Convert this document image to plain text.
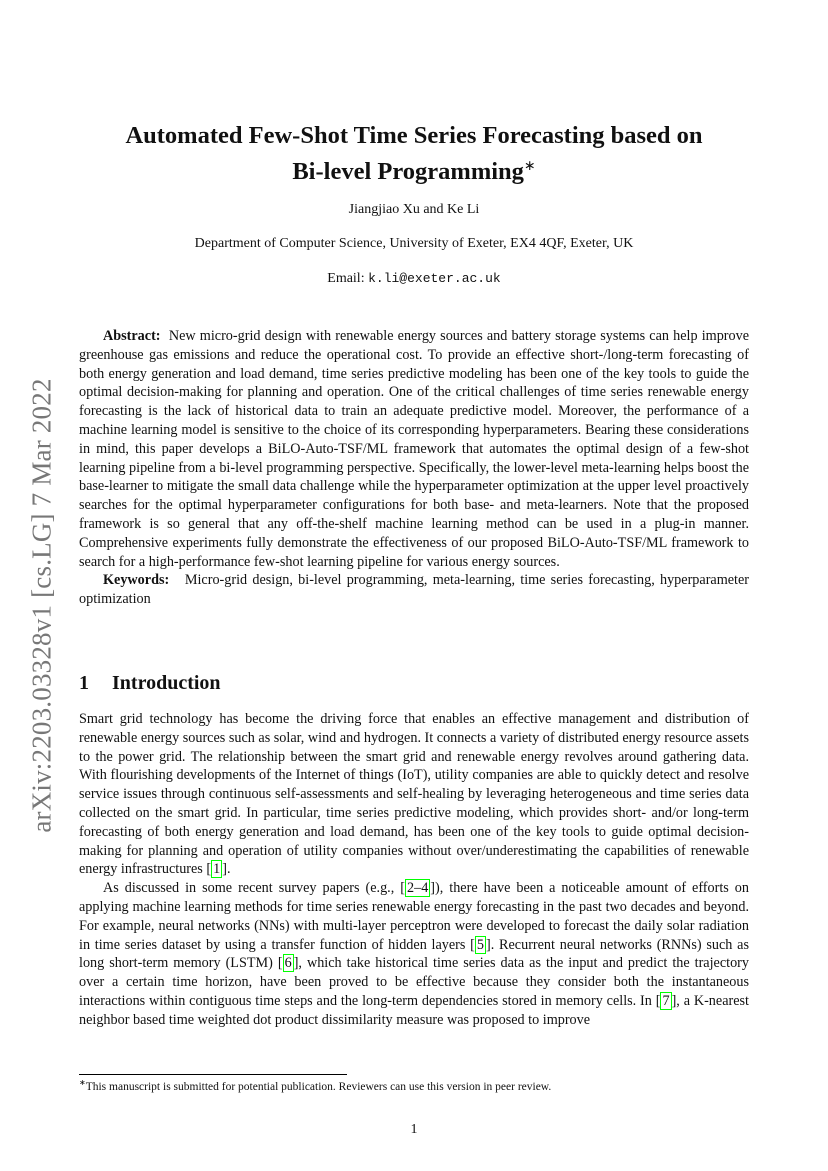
arXiv:2203.03328v1 [cs.LG] 7 Mar 2022
Automated Few-Shot Time Series Forecasting based on
Bi-level Programming∗
Jiangjiao Xu and Ke Li
Department of Computer Science, University of Exeter, EX4 4QF, Exeter, UK
Email: k.li@exeter.ac.uk

Abstract: New micro-grid design with renewable energy sources and battery storage systems can help improve greenhouse gas emissions and reduce the operational cost. To provide an effective short-/long-term forecasting of both energy generation and load demand, time series predictive modeling has been one of the key tools to guide the optimal decision-making for planning and operation. One of the critical challenges of time series renewable energy forecasting is the lack of historical data to train an adequate predictive model. Moreover, the performance of a machine learning model is sensitive to the choice of its corresponding hyperparameters. Bearing these considerations in mind, this paper develops a BiLO-Auto-TSF/ML framework that automates the optimal design of a few-shot learning pipeline from a bi-level programming perspective. Specifically, the lower-level meta-learning helps boost the base-learner to mitigate the small data challenge while the hyperparameter optimization at the upper level proactively searches for the optimal hyperparameter configurations for both base- and meta-learners. Note that the proposed framework is so general that any off-the-shelf machine learning method can be used in a plug-in manner. Comprehensive experiments fully demonstrate the effectiveness of our proposed BiLO-Auto-TSF/ML framework to search for a high-performance few-shot learning pipeline for various energy sources.

Keywords: Micro-grid design, bi-level programming, meta-learning, time series forecasting, hyperparameter optimization

1 Introduction

Smart grid technology has become the driving force that enables an effective management and distribution of renewable energy sources such as solar, wind and hydrogen. It connects a variety of distributed energy resource assets to the power grid. The relationship between the smart grid and renewable energy revolves around gathering data. With flourishing developments of the Internet of things (IoT), utility companies are able to quickly detect and resolve service issues through continuous self-assessments and self-healing by leveraging heterogeneous and time series data collected on the smart grid. In particular, time series predictive modeling, which provides short- and/or long-term forecasting of both energy generation and load demand, has been one of the key tools to guide optimal decision-making for planning and operation of utility companies without over/underestimating the capabilities of renewable energy infrastructures [ 1 ].

As discussed in some recent survey papers (e.g., [ 2–4 ]), there have been a noticeable amount of efforts on applying machine learning methods for time series renewable energy forecasting in the past two decades and beyond. For example, neural networks (NNs) with multi-layer perceptron were developed to forecast the daily solar radiation in time series dataset by using a transfer function of hidden layers [ 5 ]. Recurrent neural networks (RNNs) such as long short-term memory (LSTM) [ 6 ], which take historical time series data as the input and predict the trajectory over a certain time horizon, have been proved to be effective because they consider both the instantaneous interactions within contiguous time steps and the long-term dependencies stored in memory cells. In [ 7 ], a K-nearest neighbor based time weighted dot product dissimilarity measure was proposed to improve

∗This manuscript is submitted for potential publication. Reviewers can use this version in peer review.
1
